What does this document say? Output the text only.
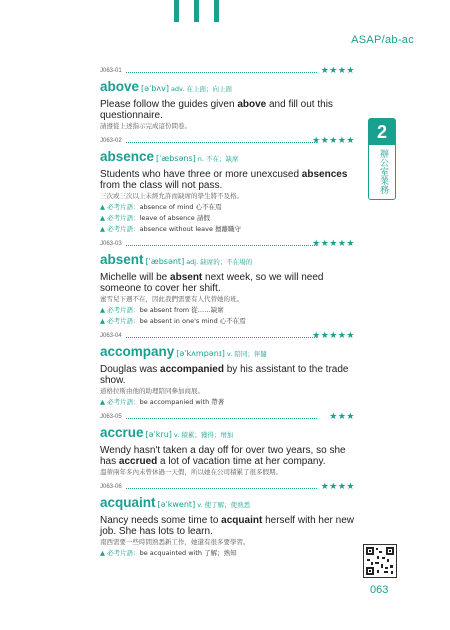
ASAP/ab-ac
2
辦公室業務
J063-01	★★★★
above [əˈbʌv] adv. 在上面；向上面
Please follow the guides given above and fill out this questionnaire.
請遵從上述指示完成這份問卷。
J063-02	★★★★★
absence [ˈæbsəns] n. 不在；缺席
Students who have three or more unexcused absences from the class will not pass.
三次或三次以上未經允許而缺席的學生將不及格。
▲ 必考片語：absence of mind 心不在焉
▲ 必考片語：leave of absence 請假
▲ 必考片語：absence without leave 擅離職守
J063-03	★★★★★
absent [ˈæbsənt] adj. 缺席的；不在場的
Michelle will be absent next week, so we will need someone to cover her shift.
蜜雪兒下週不在，因此我們需要有人代替她的班。
▲ 必考片語：be absent from 從……缺席
▲ 必考片語：be absent in one's mind 心不在焉
J063-04	★★★★★
accompany [əˈkʌmpənɪ] v. 陪同；伴隨
Douglas was accompanied by his assistant to the trade show.
道格拉斯由他的助理陪同參加商展。
▲ 必考片語：be accompanied with 帶著
J063-05	★★★
accrue [əˈkru] v. 積累；獲得；增加
Wendy hasn't taken a day off for over two years, so she has accrued a lot of vacation time at her company.
溫蒂兩年多內未曾休過一天假，所以她在公司積累了很多假期。
J063-06	★★★★
acquaint [əˈkwent] v. 使了解；使熟悉
Nancy needs some time to acquaint herself with her new job. She has lots to learn.
南西需要一些時間熟悉新工作，她還有很多要學習。
▲ 必考片語：be acquainted with 了解；熟知
063
